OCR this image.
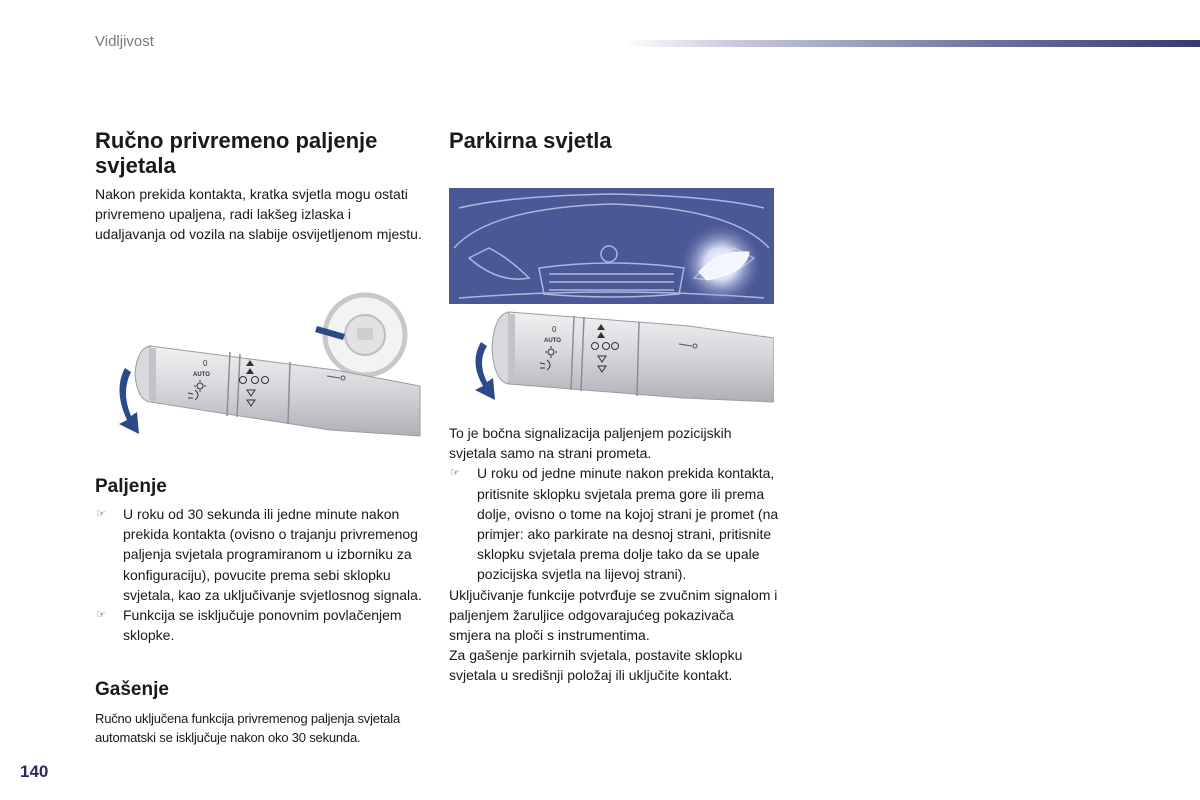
Vidljivost
140
Ručno privremeno paljenje svjetala

Nakon prekida kontakta, kratka svjetla mogu ostati privremeno upaljena, radi lakšeg izlaska i udaljavanja od vozila na slabije osvijetljenom mjestu.

0
AUTO
Paljenje
☞ U roku od 30 sekunda ili jedne minute nakon prekida kontakta (ovisno o trajanju privremenog paljenja svjetala programiranom u izborniku za konfiguraciju), povucite prema sebi sklopku svjetala, kao za uključivanje svjetlosnog signala.
☞ Funkcija se isključuje ponovnim povlačenjem sklopke.
Gašenje

Ručno uključena funkcija privremenog paljenja svjetala automatski se isključuje nakon oko 30 sekunda.

Parkirna svjetla
0
AUTO

To je bočna signalizacija paljenjem pozicijskih svjetala samo na strani prometa.

☞ U roku od jedne minute nakon prekida kontakta, pritisnite sklopku svjetala prema gore ili prema dolje, ovisno o tome na kojoj strani je promet (na primjer: ako parkirate na desnoj strani, pritisnite sklopku svjetala prema dolje tako da se upale pozicijska svjetla na lijevoj strani).

Uključivanje funkcije potvrđuje se zvučnim signalom i paljenjem žaruljice odgovarajućeg pokazivača smjera na ploči s instrumentima.

Za gašenje parkirnih svjetala, postavite sklopku svjetala u središnji položaj ili uključite kontakt.
